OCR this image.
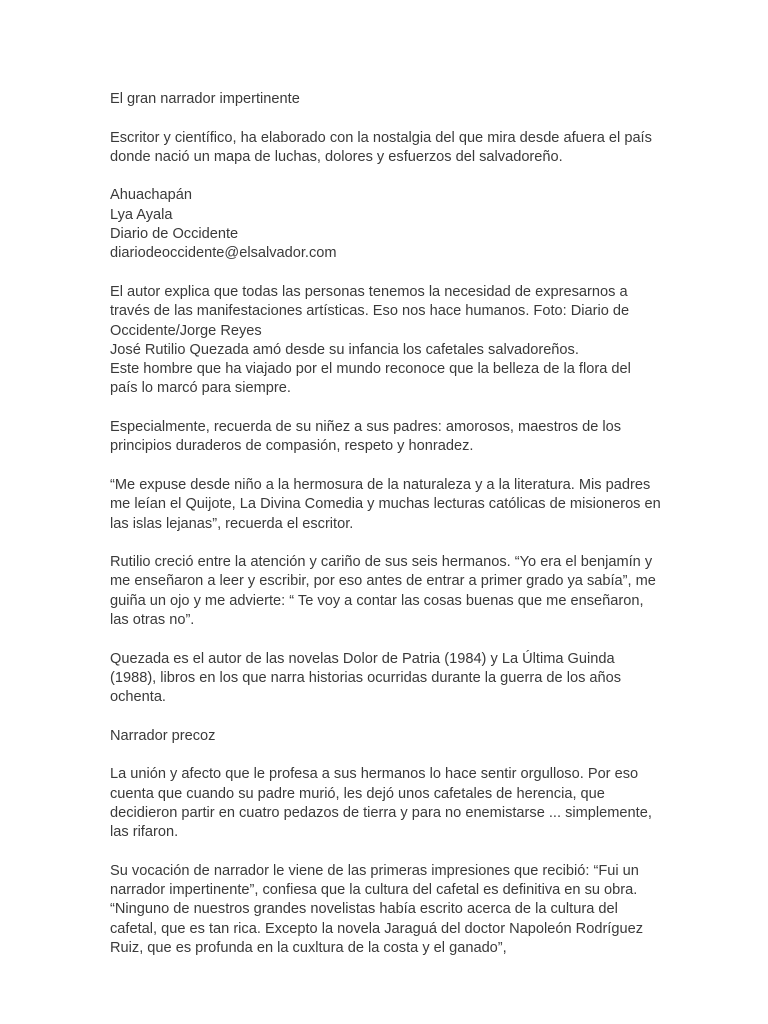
El gran narrador impertinente

Escritor y científico, ha elaborado con la nostalgia del que mira desde afuera el país donde nació un mapa de luchas, dolores y esfuerzos del salvadoreño.

Ahuachapán
Lya Ayala
Diario de Occidente
diariodeoccidente@elsalvador.com
El autor explica que todas las personas tenemos la necesidad de expresarnos a través de las manifestaciones artísticas. Eso nos hace humanos. Foto: Diario de Occidente/Jorge Reyes
José Rutilio Quezada amó desde su infancia los cafetales salvadoreños.
Este hombre que ha viajado por el mundo reconoce que la belleza de la flora del país lo marcó para siempre.

Especialmente, recuerda de su niñez a sus padres: amorosos, maestros de los principios duraderos de compasión, respeto y honradez.

“Me expuse desde niño a la hermosura de la naturaleza y a la literatura. Mis padres me leían el Quijote, La Divina Comedia y muchas lecturas católicas de misioneros en las islas lejanas”, recuerda el escritor.

Rutilio creció entre la atención y cariño de sus seis hermanos. “Yo era el benjamín y me enseñaron a leer y escribir, por eso antes de entrar a primer grado ya sabía”, me guiña un ojo y me advierte: “ Te voy a contar las cosas buenas que me enseñaron, las otras no”.

Quezada es el autor de las novelas Dolor de Patria (1984) y La Última Guinda (1988), libros en los que narra historias ocurridas durante la guerra de los años ochenta.

Narrador precoz

La unión y afecto que le profesa a sus hermanos lo hace sentir orgulloso. Por eso cuenta que cuando su padre murió, les dejó unos cafetales de herencia, que decidieron partir en cuatro pedazos de tierra y para no enemistarse ... simplemente, las rifaron.

Su vocación de narrador le viene de las primeras impresiones que recibió: “Fui un narrador impertinente”, confiesa que la cultura del cafetal es definitiva en su obra.
“Ninguno de nuestros grandes novelistas había escrito acerca de la cultura del cafetal, que es tan rica. Excepto la novela Jaraguá del doctor Napoleón Rodríguez Ruiz, que es profunda en la cuxltura de la costa y el ganado”,
